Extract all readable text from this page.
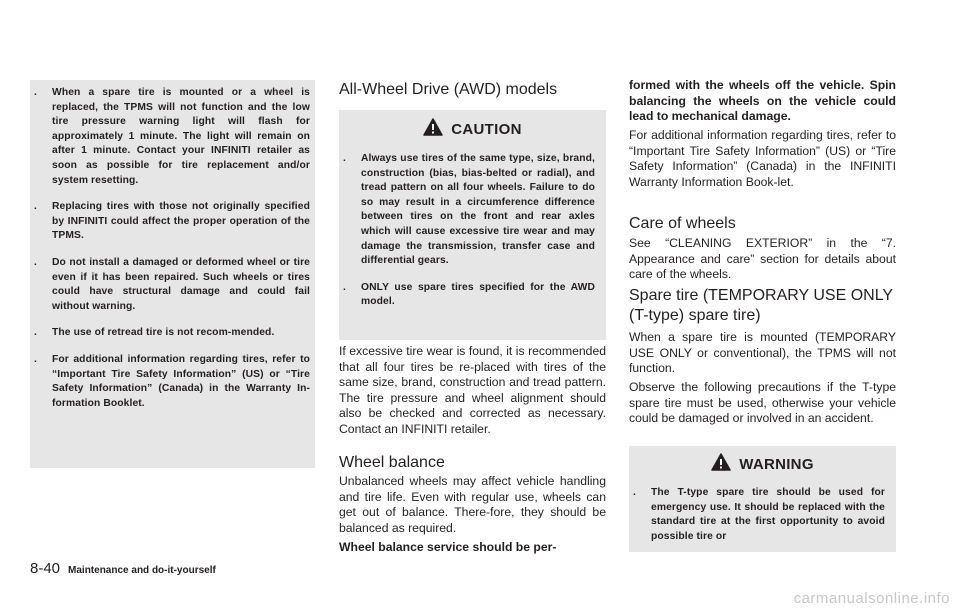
. When a spare tire is mounted or a wheel is replaced, the TPMS will not function and the low tire pressure warning light will flash for approximately 1 minute. The light will remain on after 1 minute. Contact your INFINITI retailer as soon as possible for tire replacement and/or system resetting.
. Replacing tires with those not originally specified by INFINITI could affect the proper operation of the TPMS.
. Do not install a damaged or deformed wheel or tire even if it has been repaired. Such wheels or tires could have structural damage and could fail without warning.
. The use of retread tire is not recom-mended.
. For additional information regarding tires, refer to “Important Tire Safety Information” (US) or “Tire Safety Information” (Canada) in the Warranty In-formation Booklet.
All-Wheel Drive (AWD) models
CAUTION
. Always use tires of the same type, size, brand, construction (bias, bias-belted or radial), and tread pattern on all four wheels. Failure to do so may result in a circumference difference between tires on the front and rear axles which will cause excessive tire wear and may damage the transmission, transfer case and differential gears.
. ONLY use spare tires specified for the AWD model.

If excessive tire wear is found, it is recommended that all four tires be re-placed with tires of the same size, brand, construction and tread pattern. The tire pressure and wheel alignment should also be checked and corrected as necessary. Contact an INFINITI retailer.

Wheel balance

Unbalanced wheels may affect vehicle handling and tire life. Even with regular use, wheels can get out of balance. There-fore, they should be balanced as required.

Wheel balance service should be per-

formed with the wheels off the vehicle. Spin balancing the wheels on the vehicle could lead to mechanical damage.

For additional information regarding tires, refer to “Important Tire Safety Information” (US) or “Tire Safety Information” (Canada) in the INFINITI Warranty Information Book-let.

Care of wheels

See “CLEANING EXTERIOR” in the “7. Appearance and care” section for details about care of the wheels.

Spare tire (TEMPORARY USE ONLY
(T-type) spare tire)

When a spare tire is mounted (TEMPORARY USE ONLY or conventional), the TPMS will not function.

Observe the following precautions if the T-type spare tire must be used, otherwise your vehicle could be damaged or involved in an accident.

WARNING
. The T-type spare tire should be used for emergency use. It should be replaced with the standard tire at the first opportunity to avoid possible tire or
8-40 Maintenance and do-it-yourself
carmanualsonline.info
